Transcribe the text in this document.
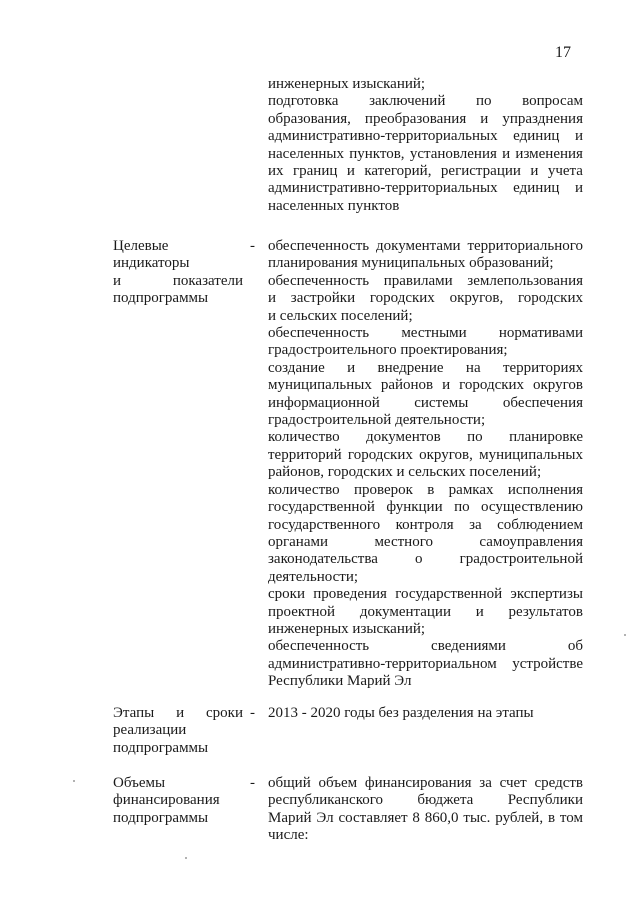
17
инженерных изысканий;
подготовка заключений по вопросам
образования, преобразования и упразднения
административно-территориальных единиц и
населенных пунктов, установления и изменения
их границ и категорий, регистрации и учета
административно-территориальных единиц и
населенных пунктов
Целевые
индикаторы
и	показатели
подпрограммы
- обеспеченность документами территориального
планирования муниципальных образований;
обеспеченность правилами землепользования
и застройки городских округов, городских
и сельских поселений;
обеспеченность местными нормативами
градостроительного проектирования;
создание и внедрение на территориях
муниципальных районов и городских округов
информационной системы обеспечения
градостроительной деятельности;
количество документов по планировке
территорий городских округов, муниципальных
районов, городских и сельских поселений;
количество проверок в рамках исполнения
государственной функции по осуществлению
государственного контроля за соблюдением
органами	местного	самоуправления
законодательства о градостроительной
деятельности;
сроки проведения государственной экспертизы
проектной документации и результатов
инженерных изысканий;
обеспеченность	сведениями	об
административно-территориальном устройстве
Республики Марий Эл
Этапы и сроки
реализации
подпрограммы
- 2013 - 2020 годы без разделения на этапы
Объемы
финансирования
подпрограммы
- общий объем финансирования за счет средств
республиканского бюджета Республики
Марий Эл составляет 8 860,0 тыс. рублей, в том
числе:
